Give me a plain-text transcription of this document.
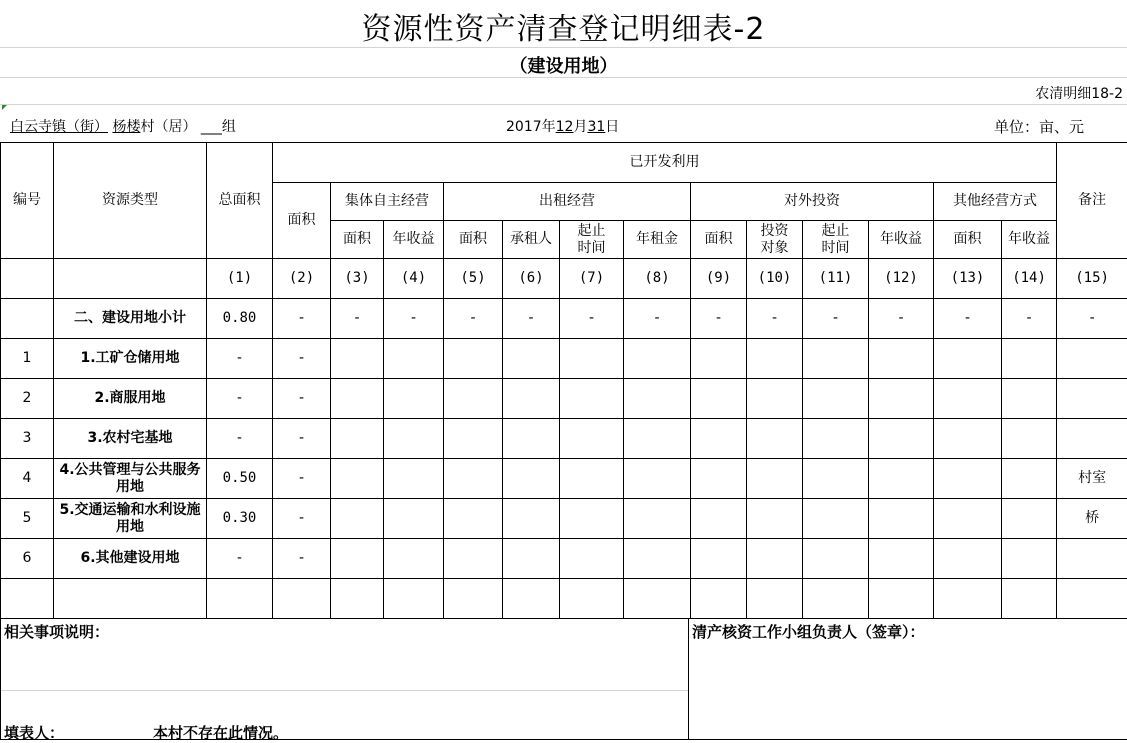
资源性资产清查登记明细表-2
（建设用地）
农清明细18-2
白云寺镇（街） 杨楼村（居） ___组	2017年12月31日	单位：亩、元
编号	资源类型	总面积	已开发利用													备注
			面积	集体自主经营		出租经营				对外投资				其他经营方式		
				面积	年收益	面积	承租人	起止时间	年租金	面积	投资对象	起止时间	年收益	面积	年收益	
		(1)	(2)	(3)	(4)	(5)	(6)	(7)	(8)	(9)	(10)	(11)	(12)	(13)	(14)	(15)
	二、建设用地小计	0.80	-	-	-	-	-	-	-	-	-	-	-	-	-	-
1	1.工矿仓储用地	-	-													
2	2.商服用地	-	-													
3	3.农村宅基地	-	-													
4	4.公共管理与公共服务用地	0.50	-													村室
5	5.交通运输和水利设施用地	0.30	-													桥
6	6.其他建设用地	-	-													

相关事项说明：
填表人：	本村不存在此情况。

清产核资工作小组负责人（签章）：
